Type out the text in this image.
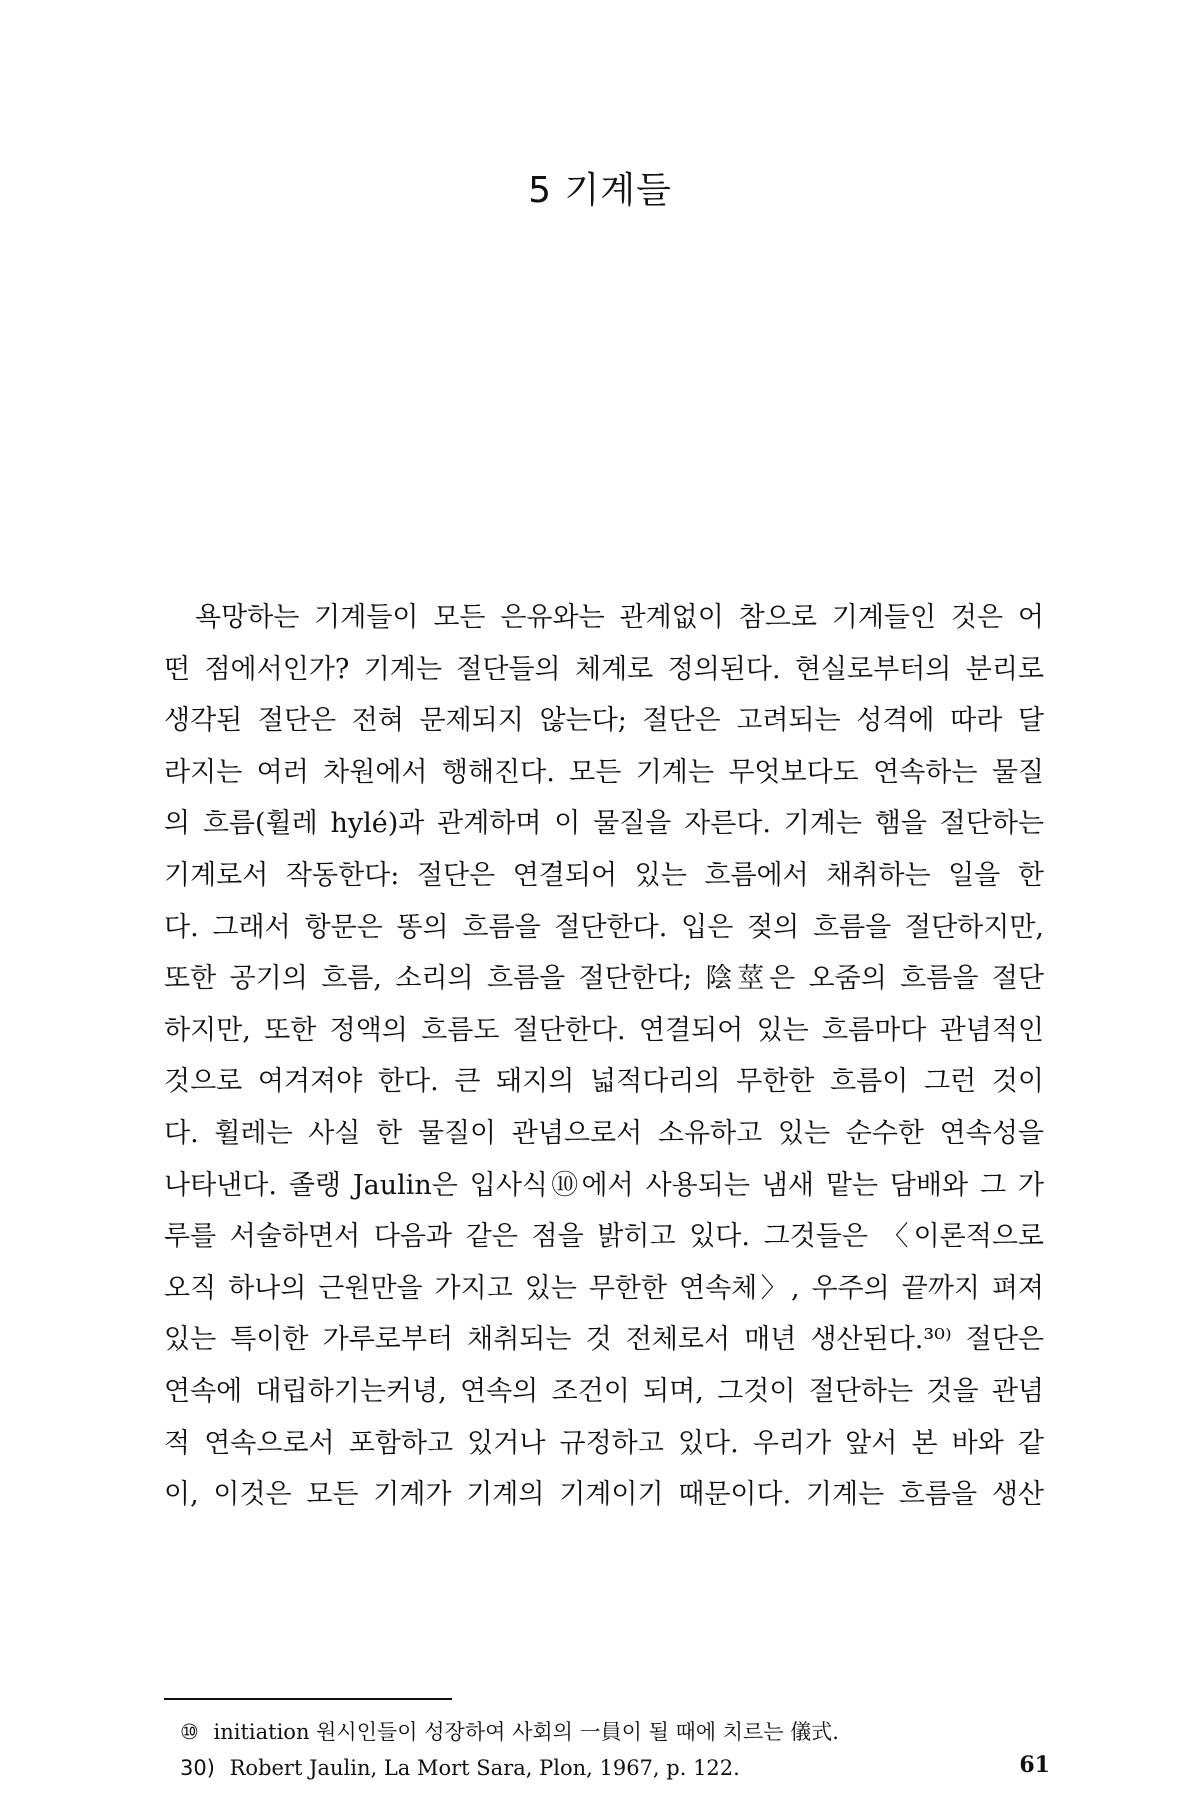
5 기계들
욕망하는 기계들이 모든 은유와는 관계없이 참으로 기계들인 것은 어
떤 점에서인가? 기계는 절단들의 체계로 정의된다. 현실로부터의 분리로
생각된 절단은 전혀 문제되지 않는다; 절단은 고려되는 성격에 따라 달
라지는 여러 차원에서 행해진다. 모든 기계는 무엇보다도 연속하는 물질
의 흐름(휠레 hylé)과 관계하며 이 물질을 자른다. 기계는 햄을 절단하는
기계로서 작동한다: 절단은 연결되어 있는 흐름에서 채취하는 일을 한
다. 그래서 항문은 똥의 흐름을 절단한다. 입은 젖의 흐름을 절단하지만,
또한 공기의 흐름, 소리의 흐름을 절단한다; 陰莖은 오줌의 흐름을 절단
하지만, 또한 정액의 흐름도 절단한다. 연결되어 있는 흐름마다 관념적인
것으로 여겨져야 한다. 큰 돼지의 넓적다리의 무한한 흐름이 그런 것이
다. 휠레는 사실 한 물질이 관념으로서 소유하고 있는 순수한 연속성을
나타낸다. 졸랭 Jaulin은 입사식⑩에서 사용되는 냄새 맡는 담배와 그 가
루를 서술하면서 다음과 같은 점을 밝히고 있다. 그것들은 〈이론적으로
오직 하나의 근원만을 가지고 있는 무한한 연속체〉, 우주의 끝까지 펴져
있는 특이한 가루로부터 채취되는 것 전체로서 매년 생산된다.³⁰⁾ 절단은
연속에 대립하기는커녕, 연속의 조건이 되며, 그것이 절단하는 것을 관념
적 연속으로서 포함하고 있거나 규정하고 있다. 우리가 앞서 본 바와 같
이, 이것은 모든 기계가 기계의 기계이기 때문이다. 기계는 흐름을 생산
⑩ initiation 원시인들이 성장하여 사회의 一員이 될 때에 치르는 儀式.
30) Robert Jaulin, La Mort Sara, Plon, 1967, p. 122.	61
